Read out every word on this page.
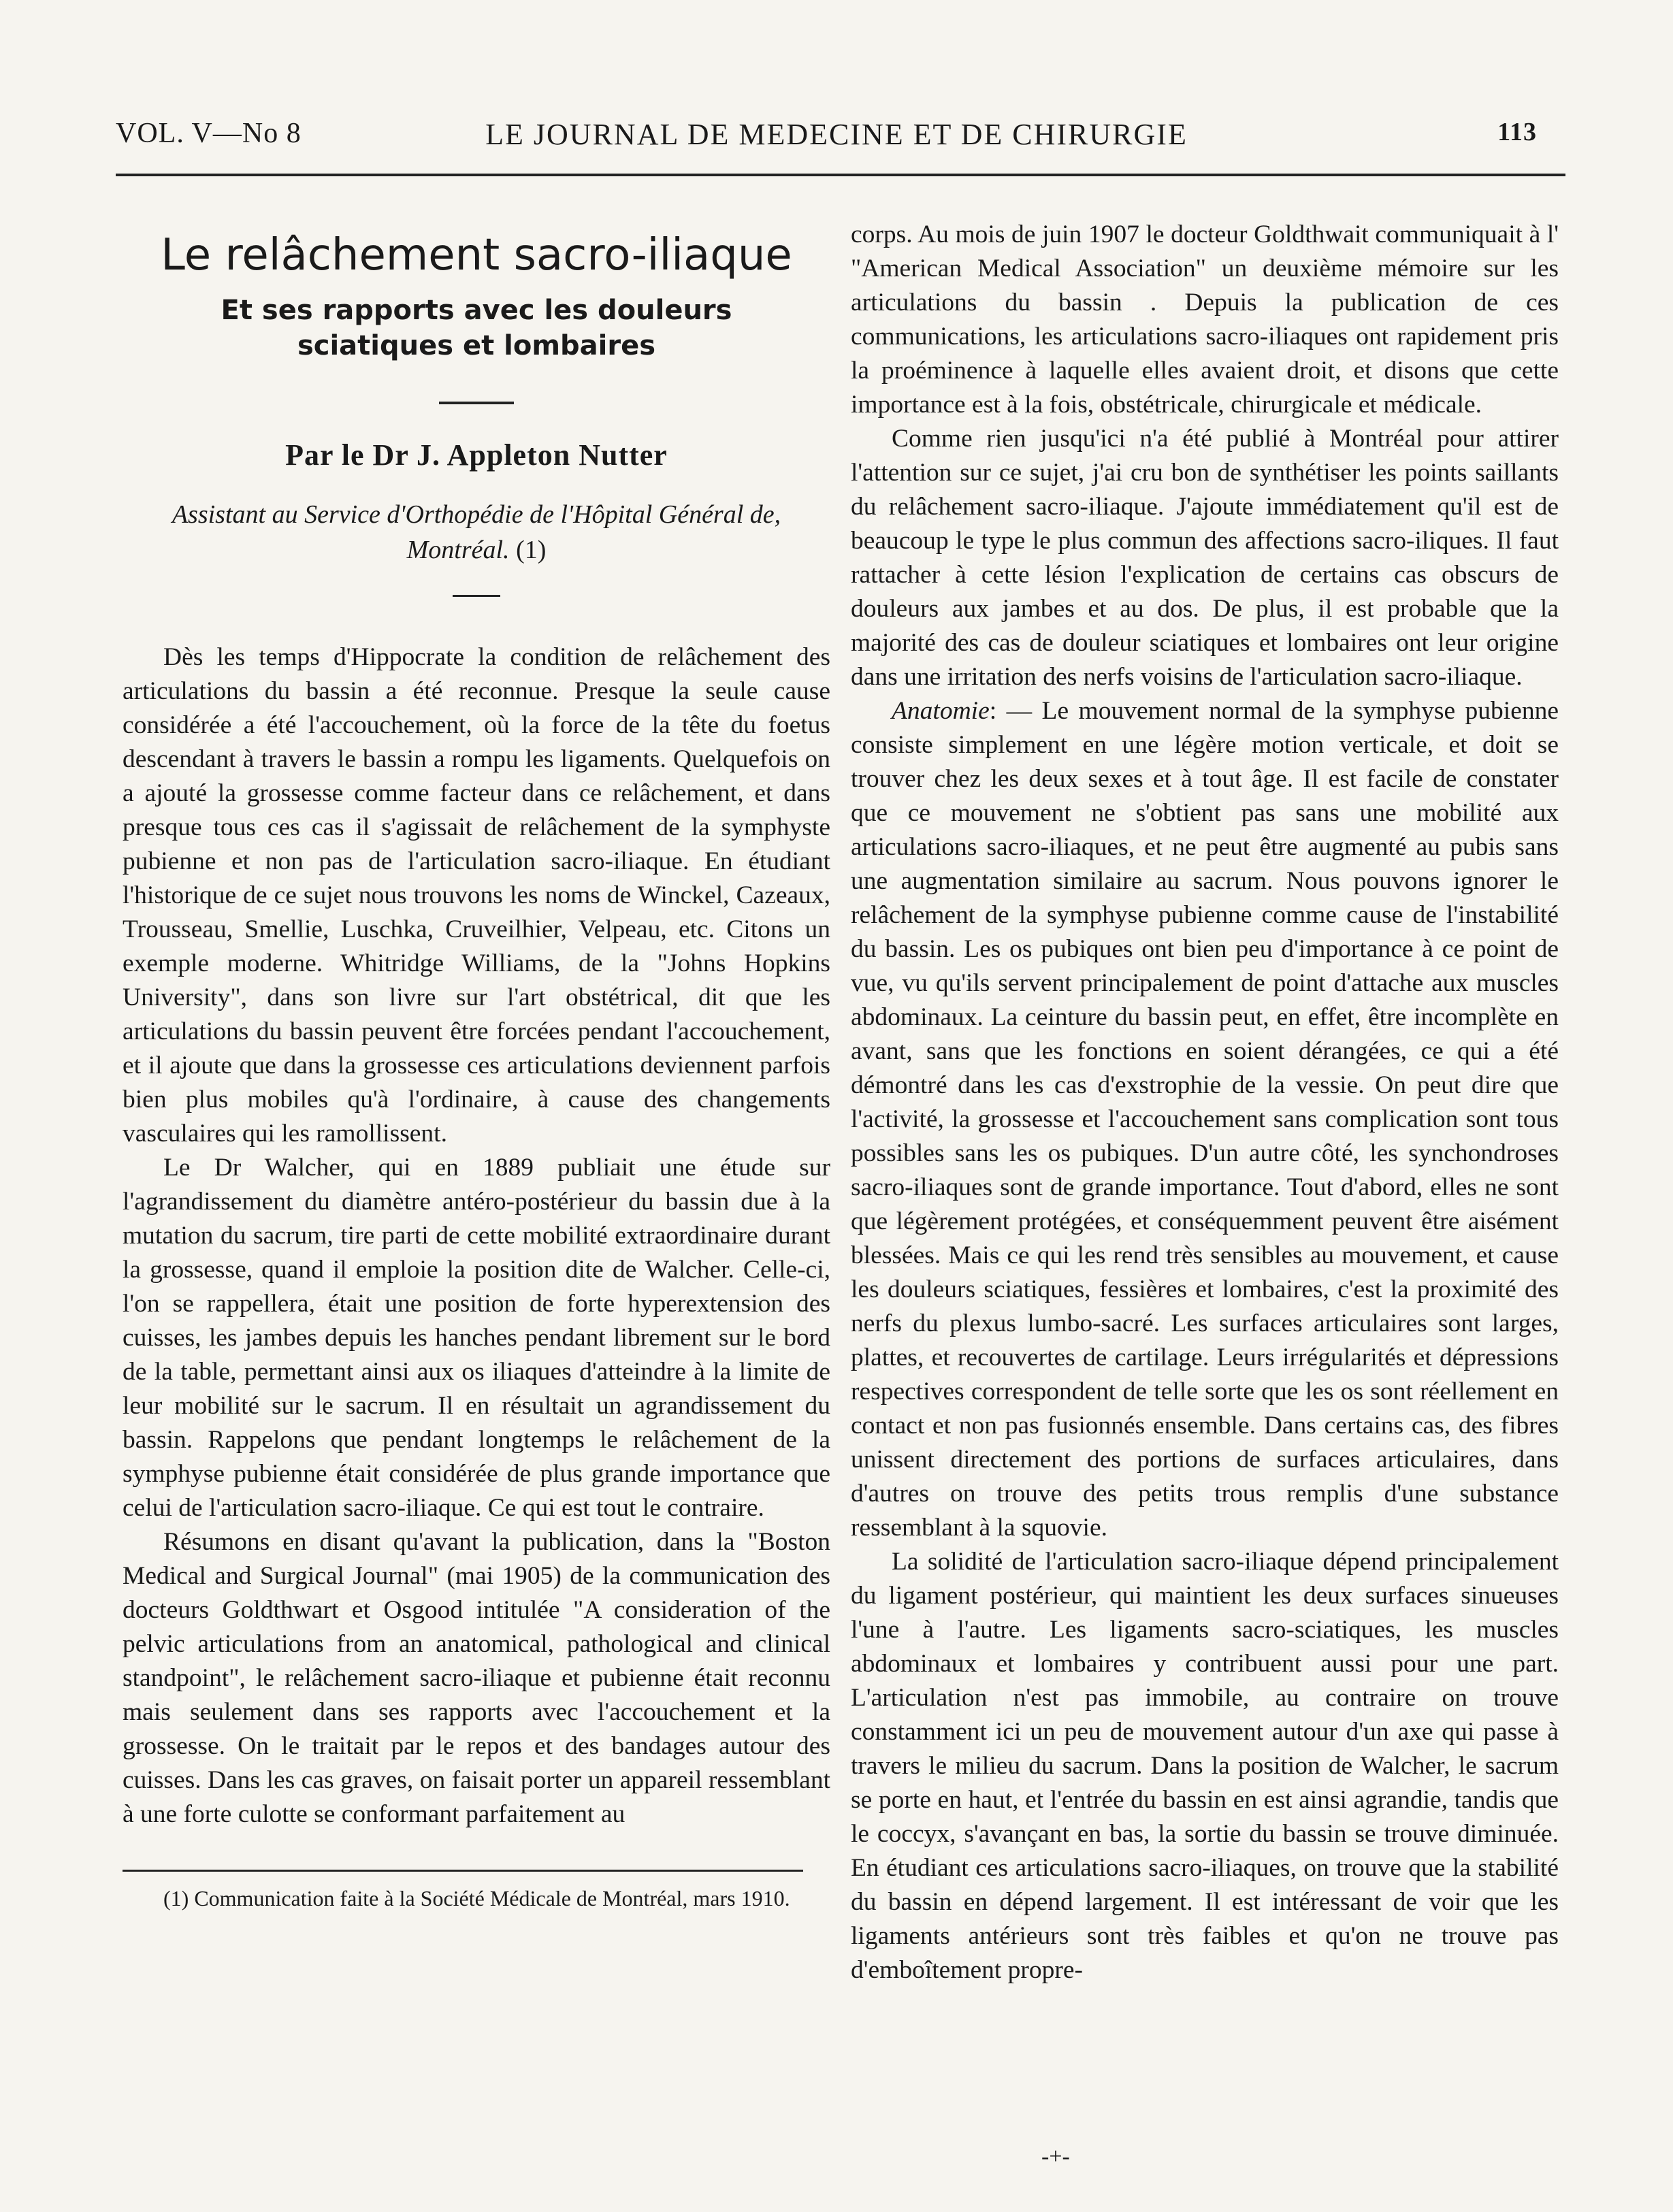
VOL. V—No 8	LE JOURNAL DE MEDECINE ET DE CHIRURGIE	113
Le relâchement sacro-iliaque
Et ses rapports avec les douleurs sciatiques et lombaires
Par le Dr J. Appleton Nutter
Assistant au Service d'Orthopédie de l'Hôpital Général de, Montréal. (1)

Dès les temps d'Hippocrate la condition de relâchement des articulations du bassin a été reconnue. Presque la seule cause considérée a été l'accouchement, où la force de la tête du foetus descendant à travers le bassin a rompu les ligaments. Quelquefois on a ajouté la grossesse comme facteur dans ce relâchement, et dans presque tous ces cas il s'agissait de relâchement de la symphyste pubienne et non pas de l'articulation sacro-iliaque. En étudiant l'historique de ce sujet nous trouvons les noms de Winckel, Cazeaux, Trousseau, Smellie, Luschka, Cruveilhier, Velpeau, etc. Citons un exemple moderne. Whitridge Williams, de la "Johns Hopkins University", dans son livre sur l'art obstétrical, dit que les articulations du bassin peuvent être forcées pendant l'accouchement, et il ajoute que dans la grossesse ces articulations deviennent parfois bien plus mobiles qu'à l'ordinaire, à cause des changements vasculaires qui les ramollissent.

Le Dr Walcher, qui en 1889 publiait une étude sur l'agrandissement du diamètre antéro-postérieur du bassin due à la mutation du sacrum, tire parti de cette mobilité extraordinaire durant la grossesse, quand il emploie la position dite de Walcher. Celle-ci, l'on se rappellera, était une position de forte hyperextension des cuisses, les jambes depuis les hanches pendant librement sur le bord de la table, permettant ainsi aux os iliaques d'atteindre à la limite de leur mobilité sur le sacrum. Il en résultait un agrandissement du bassin. Rappelons que pendant longtemps le relâchement de la symphyse pubienne était considérée de plus grande importance que celui de l'articulation sacro-iliaque. Ce qui est tout le contraire.

Résumons en disant qu'avant la publication, dans la "Boston Medical and Surgical Journal" (mai 1905) de la communication des docteurs Goldthwart et Osgood intitulée "A consideration of the pelvic articulations from an anatomical, pathological and clinical standpoint", le relâchement sacro-iliaque et pubienne était reconnu mais seulement dans ses rapports avec l'accouchement et la grossesse. On le traitait par le repos et des bandages autour des cuisses. Dans les cas graves, on faisait porter un appareil ressemblant à une forte culotte se conformant parfaitement au

(1) Communication faite à la Société Médicale de Montréal, mars 1910.

corps. Au mois de juin 1907 le docteur Goldthwait communiquait à l' "American Medical Association" un deuxième mémoire sur les articulations du bassin . Depuis la publication de ces communications, les articulations sacro-iliaques ont rapidement pris la proéminence à laquelle elles avaient droit, et disons que cette importance est à la fois, obstétricale, chirurgicale et médicale.

Comme rien jusqu'ici n'a été publié à Montréal pour attirer l'attention sur ce sujet, j'ai cru bon de synthétiser les points saillants du relâchement sacro-iliaque. J'ajoute immédiatement qu'il est de beaucoup le type le plus commun des affections sacro-iliques. Il faut rattacher à cette lésion l'explication de certains cas obscurs de douleurs aux jambes et au dos. De plus, il est probable que la majorité des cas de douleur sciatiques et lombaires ont leur origine dans une irritation des nerfs voisins de l'articulation sacro-iliaque.

Anatomie: — Le mouvement normal de la symphyse pubienne consiste simplement en une légère motion verticale, et doit se trouver chez les deux sexes et à tout âge. Il est facile de constater que ce mouvement ne s'obtient pas sans une mobilité aux articulations sacro-iliaques, et ne peut être augmenté au pubis sans une augmentation similaire au sacrum. Nous pouvons ignorer le relâchement de la symphyse pubienne comme cause de l'instabilité du bassin. Les os pubiques ont bien peu d'importance à ce point de vue, vu qu'ils servent principalement de point d'attache aux muscles abdominaux. La ceinture du bassin peut, en effet, être incomplète en avant, sans que les fonctions en soient dérangées, ce qui a été démontré dans les cas d'exstrophie de la vessie. On peut dire que l'activité, la grossesse et l'accouchement sans complication sont tous possibles sans les os pubiques. D'un autre côté, les synchondroses sacro-iliaques sont de grande importance. Tout d'abord, elles ne sont que légèrement protégées, et conséquemment peuvent être aisément blessées. Mais ce qui les rend très sensibles au mouvement, et cause les douleurs sciatiques, fessières et lombaires, c'est la proximité des nerfs du plexus lumbo-sacré. Les surfaces articulaires sont larges, plattes, et recouvertes de cartilage. Leurs irrégularités et dépressions respectives correspondent de telle sorte que les os sont réellement en contact et non pas fusionnés ensemble. Dans certains cas, des fibres unissent directement des portions de surfaces articulaires, dans d'autres on trouve des petits trous remplis d'une substance ressemblant à la squovie.

La solidité de l'articulation sacro-iliaque dépend principalement du ligament postérieur, qui maintient les deux surfaces sinueuses l'une à l'autre. Les ligaments sacro-sciatiques, les muscles abdominaux et lombaires y contribuent aussi pour une part. L'articulation n'est pas immobile, au contraire on trouve constamment ici un peu de mouvement autour d'un axe qui passe à travers le milieu du sacrum. Dans la position de Walcher, le sacrum se porte en haut, et l'entrée du bassin en est ainsi agrandie, tandis que le coccyx, s'avançant en bas, la sortie du bassin se trouve diminuée. En étudiant ces articulations sacro-iliaques, on trouve que la stabilité du bassin en dépend largement. Il est intéressant de voir que les ligaments antérieurs sont très faibles et qu'on ne trouve pas d'emboîtement propre-

-+-
